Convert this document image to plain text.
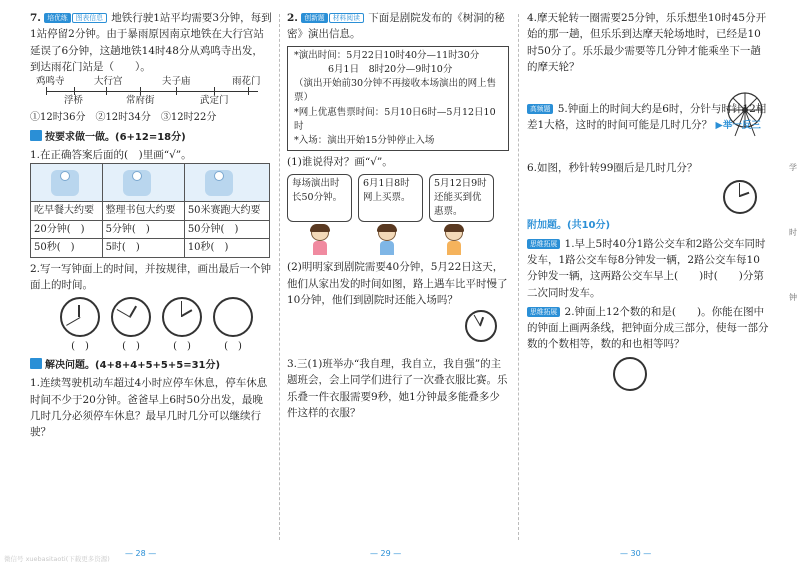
7. 培优练 图表信息 地铁行驶1站平均需要3分钟，每到1站停留2分钟。由于暴雨原因南京地铁在大行宫站延误了6分钟，这趟地铁14时48分从鸡鸣寺出发，到达雨花门站是（　　）。
鸡鸣寺	大行宫	夫子庙	雨花门
浮桥	常府街	武定门
①12时36分　②12时34分　③12时22分
按要求做一做。(6+12=18分)
1.在正确答案后面的(　)里画“√”。

吃早餐大约要	整理书包大约要	50米赛跑大约要
20分钟(　)	5分钟(　)	50分钟(　)
50秒(　)	5时(　)	10秒(　)
2.写一写钟面上的时间，并按规律，画出最后一个钟面上的时间。
(　)	(　)	(　)	(　)
解决问题。(4+8+4+5+5+5=31分)
1.连续驾驶机动车超过4小时应停车休息，停车休息时间不少于20分钟。爸爸早上6时50分出发，最晚几时几分必须停车休息？最早几时几分可以继续行驶？
2. 创新题 材料阅读 下面是剧院发布的《树洞的秘密》演出信息。
*演出时间：5月22日10时40分—11时30分
6月1日　8时20分—9时10分
（演出开始前30分钟不再接收本场演出的网上售票）
*网上优惠售票时间：5月10日6时—5月12日10时
*入场：演出开始15分钟停止入场
(1)谁说得对？画“√”。
每场演出时长50分钟。
6月1日8时网上买票。
5月12日9时还能买到优惠票。
(2)明明家到剧院需要40分钟，5月22日这天，他们从家出发的时间如图，路上遇车比平时慢了10分钟，他们到剧院时还能入场吗？
3.三(1)班举办“我自理，我自立，我自强”的主题班会，会上同学们进行了一次叠衣服比赛。乐乐叠一件衣服需要9秒，她1分钟最多能叠多少件这样的衣服？
4.摩天轮转一圈需要25分钟，乐乐想坐10时45分开始的那一趟，但乐乐到达摩天轮场地时，已经是10时50分了。乐乐最少需要等几分钟才能乘坐下一趟的摩天轮？
高频题 5.钟面上的时间大约是6时，分针与时针12相差1大格，这时的时间可能是几时几分？ ▶举一反三
6.如图，秒针转99圈后是几时几分？
附加题。(共10分)
思维拓展 1.早上5时40分1路公交车和2路公交车同时发车，1路公交车每8分钟发一辆，2路公交车每10分钟发一辆，这两路公交车早上(　　)时(　　)分第二次同时发车。
思维拓展 2.钟面上12个数的和是(　　)。你能在图中的钟面上画两条线，把钟面分成三部分，使每一部分数的个数相等，数的和也相等吗？
学
时
钟
— 28 —	— 29 —	— 30 —
微信号 xuebasitaoti(下载更多资源)
